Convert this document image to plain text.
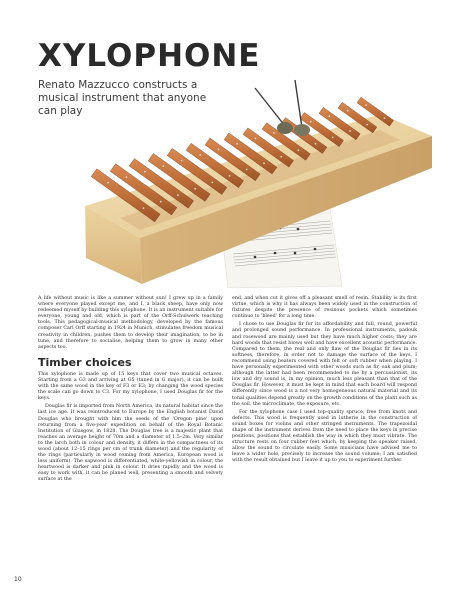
XYLOPHONE
Renato Mazzucco constructs a musical instrument that anyone can play

A life without music is like a summer without sun! I grew up in a family where everyone played except me, and I, a black sheep, have only now redeemed myself by building this xylophone. It is an instrument suitable for everyone, young and old, which is part of the Orff-Schulwerk teaching tools. This pedagogical-musical methodology, developed by the famous composer Carl Orff starting in 1924 in Munich, stimulates freedom musical creativity in children, pushes them to develop their imagination, to be in tune, and therefore to socialise, helping them to grow in many other aspects too.

Timber choices

This xylophone is made up of 15 keys that cover two musical octaves. Starting from a G3 and arriving at G5 (tuned in G major), it can be built with the same wood in the key of F3 or E3; by changing the wood species the scale can go down to C3. For my xylophone, I used Douglas fir for the keys.

Douglas fir is imported from North America, its natural habitat since the last ice age. It was reintroduced to Europe by the English botanist David Douglas who brought with him the seeds of the 'Oregon pine' upon returning from a five-year expedition on behalf of the Royal Botanic Institution of Glasgow, in 1828. The Douglas tree is a majestic plant that reaches an average height of 70m and a diameter of 1.5–2m. Very similar to the larch both in colour and density, it differs in the compactness of its wood (about 12–15 rings per cm of trunk diameter) and the regularity of the rings (particularly in wood coming from America, European wood is less uniform). The sapwood is differentiated, white-yellowish in colour, the heartwood is darker and pink in colour. It dries rapidly and the wood is easy to work with, it can be planed well, presenting a smooth and velvety surface at the

end, and when cut it gives off a pleasant smell of resin. Stability is its first virtue, which is why it has always been widely used in the construction of fixtures despite the presence of resinous pockets which sometimes continue to 'bleed' for a long time.

I chose to use Douglas fir for its affordability and full, round, powerful and prolonged sound performance. In professional instruments, padouk and rosewood are mainly used but they have much higher costs; they are hard woods that resist blows well and have excellent acoustic performance. Compared to them, the real and only flaw of the Douglas fir lies in its softness, therefore, in order not to damage the surface of the keys, I recommend using beaters covered with felt or soft rubber when playing. I have personally experimented with other woods such as fir, oak and plum; although the latter had been recommended to me by a percussionist, its low and dry sound is, in my opinion, much less pleasant than that of the Douglas fir. However, it must be kept in mind that each board will respond differently since wood is a not very homogeneous natural material and its tonal qualities depend greatly on the growth conditions of the plant such as the soil, the microclimate, the exposure, etc.

For the xylophone case I used top-quality spruce, free from knots and defects. This wood is frequently used in lutherie in the construction of sound boxes for violins and other stringed instruments. The trapezoidal shape of the instrument derives from the need to place the keys in precise positions, positions that establish the way in which they must vibrate. The structure rests on four rubber feet which, by keeping the speaker raised, allow the sound to circulate easily. Some musicians have advised me to leave a wider hole, precisely to increase the sound volume; I am satisfied with the result obtained but I leave it up to you to experiment further.

10
